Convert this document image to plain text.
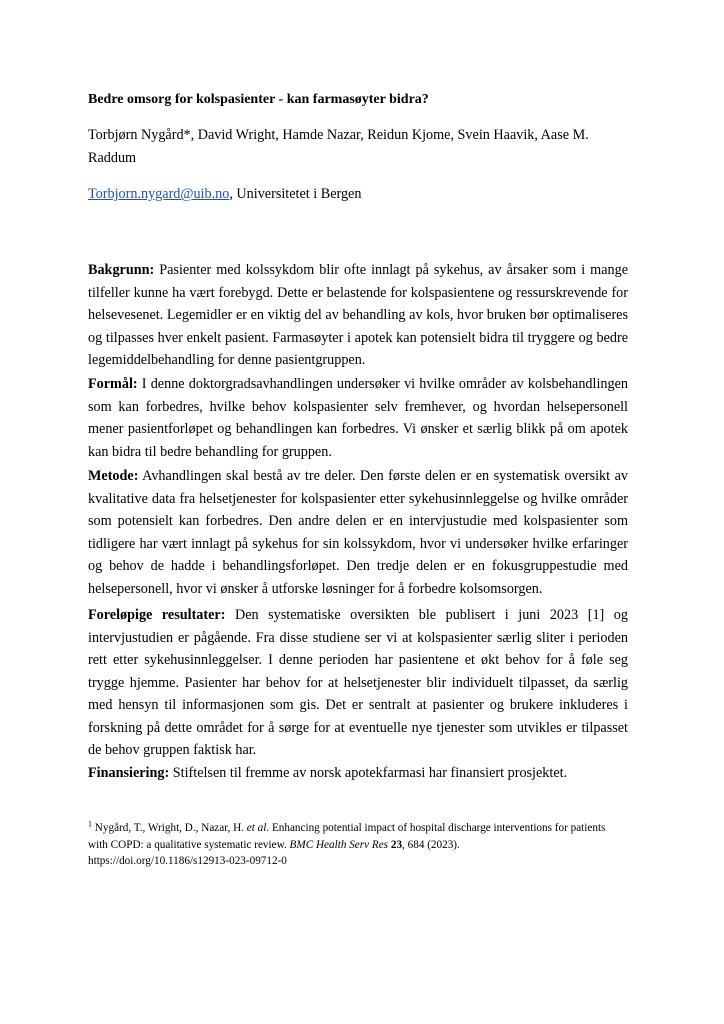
Bedre omsorg for kolspasienter - kan farmasøyter bidra?
Torbjørn Nygård*, David Wright, Hamde Nazar, Reidun Kjome, Svein Haavik, Aase M. Raddum
Torbjorn.nygard@uib.no, Universitetet i Bergen
Bakgrunn: Pasienter med kolssykdom blir ofte innlagt på sykehus, av årsaker som i mange tilfeller kunne ha vært forebygd. Dette er belastende for kolspasientene og ressurskrevende for helsevesenet. Legemidler er en viktig del av behandling av kols, hvor bruken bør optimaliseres og tilpasses hver enkelt pasient. Farmasøyter i apotek kan potensielt bidra til tryggere og bedre legemiddelbehandling for denne pasientgruppen.
Formål: I denne doktorgradsavhandlingen undersøker vi hvilke områder av kolsbehandlingen som kan forbedres, hvilke behov kolspasienter selv fremhever, og hvordan helsepersonell mener pasientforløpet og behandlingen kan forbedres. Vi ønsker et særlig blikk på om apotek kan bidra til bedre behandling for gruppen.
Metode: Avhandlingen skal bestå av tre deler. Den første delen er en systematisk oversikt av kvalitative data fra helsetjenester for kolspasienter etter sykehusinnleggelse og hvilke områder som potensielt kan forbedres. Den andre delen er en intervjustudie med kolspasienter som tidligere har vært innlagt på sykehus for sin kolssykdom, hvor vi undersøker hvilke erfaringer og behov de hadde i behandlingsforløpet. Den tredje delen er en fokusgruppestudie med helsepersonell, hvor vi ønsker å utforske løsninger for å forbedre kolsomsorgen.
Foreløpige resultater: Den systematiske oversikten ble publisert i juni 2023 [1] og intervjustudien er pågående. Fra disse studiene ser vi at kolspasienter særlig sliter i perioden rett etter sykehusinnleggelser. I denne perioden har pasientene et økt behov for å føle seg trygge hjemme. Pasienter har behov for at helsetjenester blir individuelt tilpasset, da særlig med hensyn til informasjonen som gis. Det er sentralt at pasienter og brukere inkluderes i forskning på dette området for å sørge for at eventuelle nye tjenester som utvikles er tilpasset de behov gruppen faktisk har.
Finansiering: Stiftelsen til fremme av norsk apotekfarmasi har finansiert prosjektet.
$^1$ Nygård, T., Wright, D., Nazar, H. et al. Enhancing potential impact of hospital discharge interventions for patients with COPD: a qualitative systematic review. BMC Health Serv Res 23, 684 (2023).
https://doi.org/10.1186/s12913-023-09712-0
